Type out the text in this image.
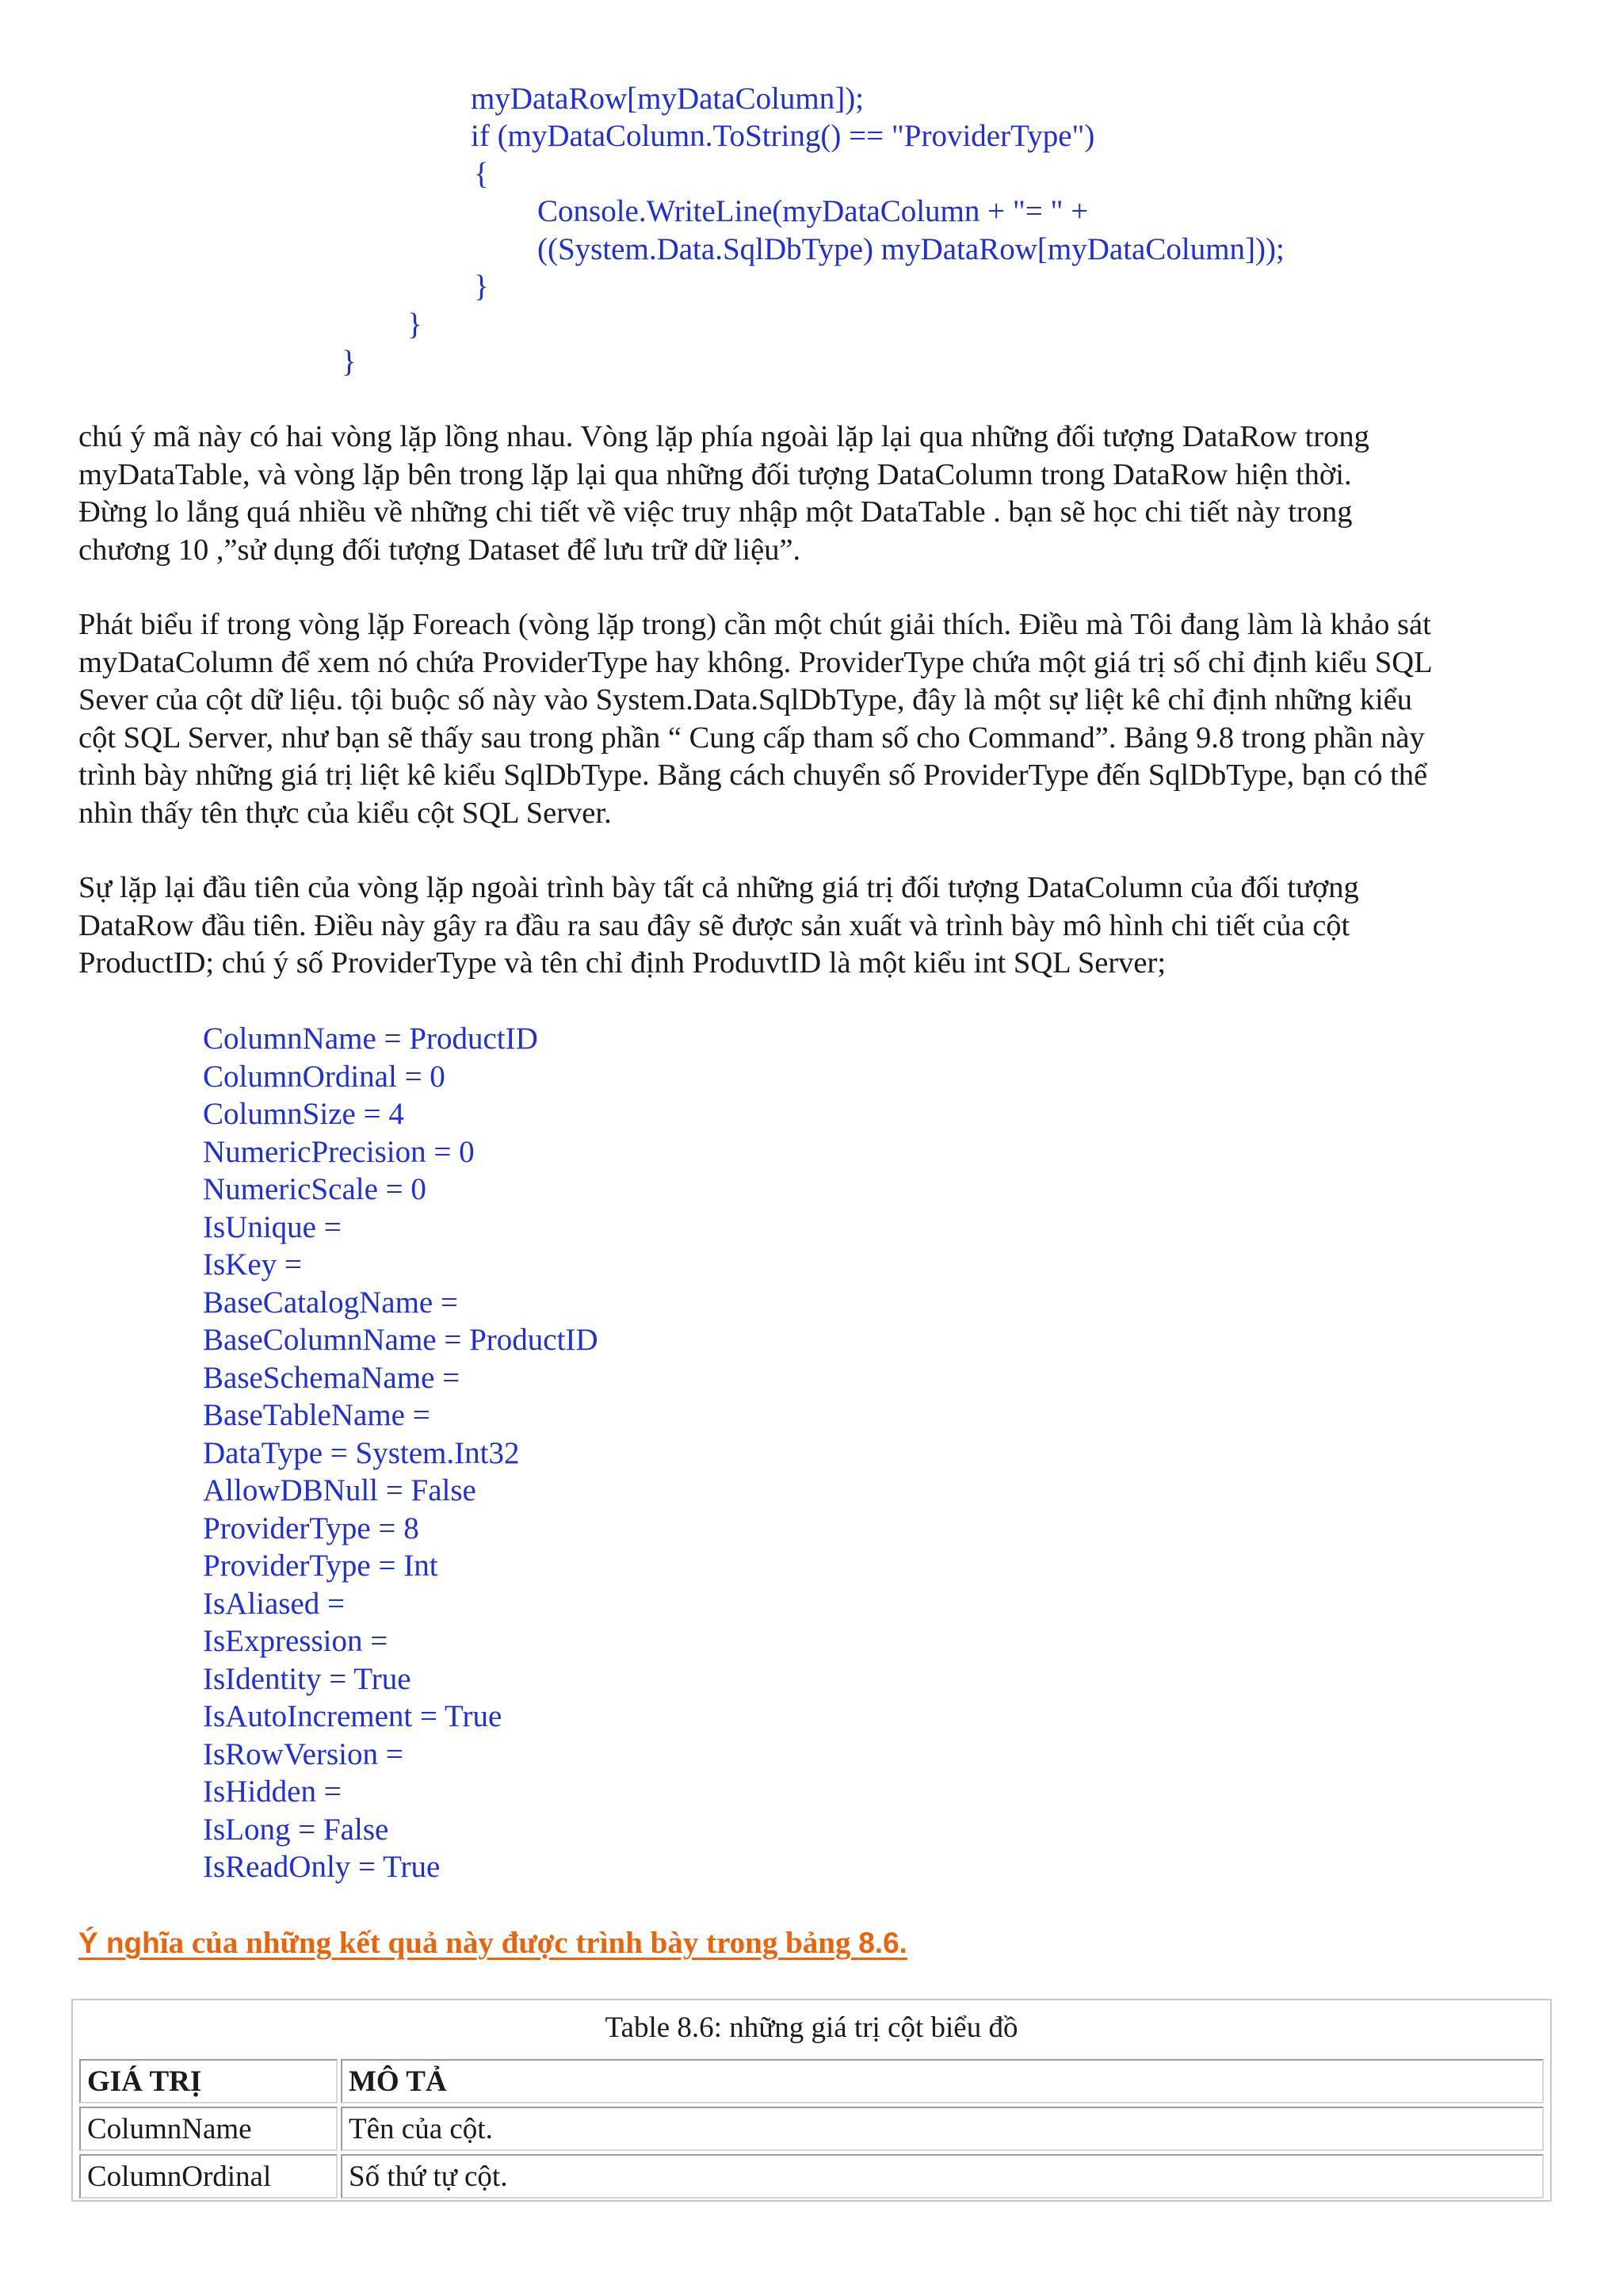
myDataRow[myDataColumn]);
if (myDataColumn.ToString() == "ProviderType")
{
Console.WriteLine(myDataColumn + "= " +
((System.Data.SqlDbType) myDataRow[myDataColumn]));
}
}
}
chú ý mã này có hai vòng lặp lồng nhau. Vòng lặp phía ngoài lặp lại qua những đối tượng DataRow trong
myDataTable, và vòng lặp bên trong lặp lại qua những đối tượng DataColumn trong DataRow hiện thời.
Đừng lo lắng quá nhiều về những chi tiết về việc truy nhập một DataTable . bạn sẽ học chi tiết này trong
chương 10 ,”sử dụng đối tượng Dataset để lưu trữ dữ liệu”.
Phát biểu if trong vòng lặp Foreach (vòng lặp trong) cần một chút giải thích. Điều mà Tôi đang làm là khảo sát
myDataColumn để xem nó chứa ProviderType hay không. ProviderType chứa một giá trị số chỉ định kiểu SQL
Sever của cột dữ liệu. tội buộc số này vào System.Data.SqlDbType, đây là một sự liệt kê chỉ định những kiểu
cột SQL Server, như bạn sẽ thấy sau trong phần “ Cung cấp tham số cho Command”. Bảng 9.8 trong phần này
trình bày những giá trị liệt kê kiểu SqlDbType. Bằng cách chuyển số ProviderType đến SqlDbType, bạn có thể
nhìn thấy tên thực của kiểu cột SQL Server.
Sự lặp lại đầu tiên của vòng lặp ngoài trình bày tất cả những giá trị đối tượng DataColumn của đối tượng
DataRow đầu tiên. Điều này gây ra đầu ra sau đây sẽ được sản xuất và trình bày mô hình chi tiết của cột
ProductID; chú ý số ProviderType và tên chỉ định ProduvtID là một kiểu int SQL Server;
ColumnName = ProductID
ColumnOrdinal = 0
ColumnSize = 4
NumericPrecision = 0
NumericScale = 0
IsUnique =
IsKey =
BaseCatalogName =
BaseColumnName = ProductID
BaseSchemaName =
BaseTableName =
DataType = System.Int32
AllowDBNull = False
ProviderType = 8
ProviderType = Int
IsAliased =
IsExpression =
IsIdentity = True
IsAutoIncrement = True
IsRowVersion =
IsHidden =
IsLong = False
IsReadOnly = True
Ý nghĩa của những kết quả này được trình bày trong bảng 8.6.
Table 8.6: những giá trị cột biểu đồ
GIÁ TRỊ	MÔ TẢ
ColumnName	Tên của cột.
ColumnOrdinal	Số thứ tự cột.
